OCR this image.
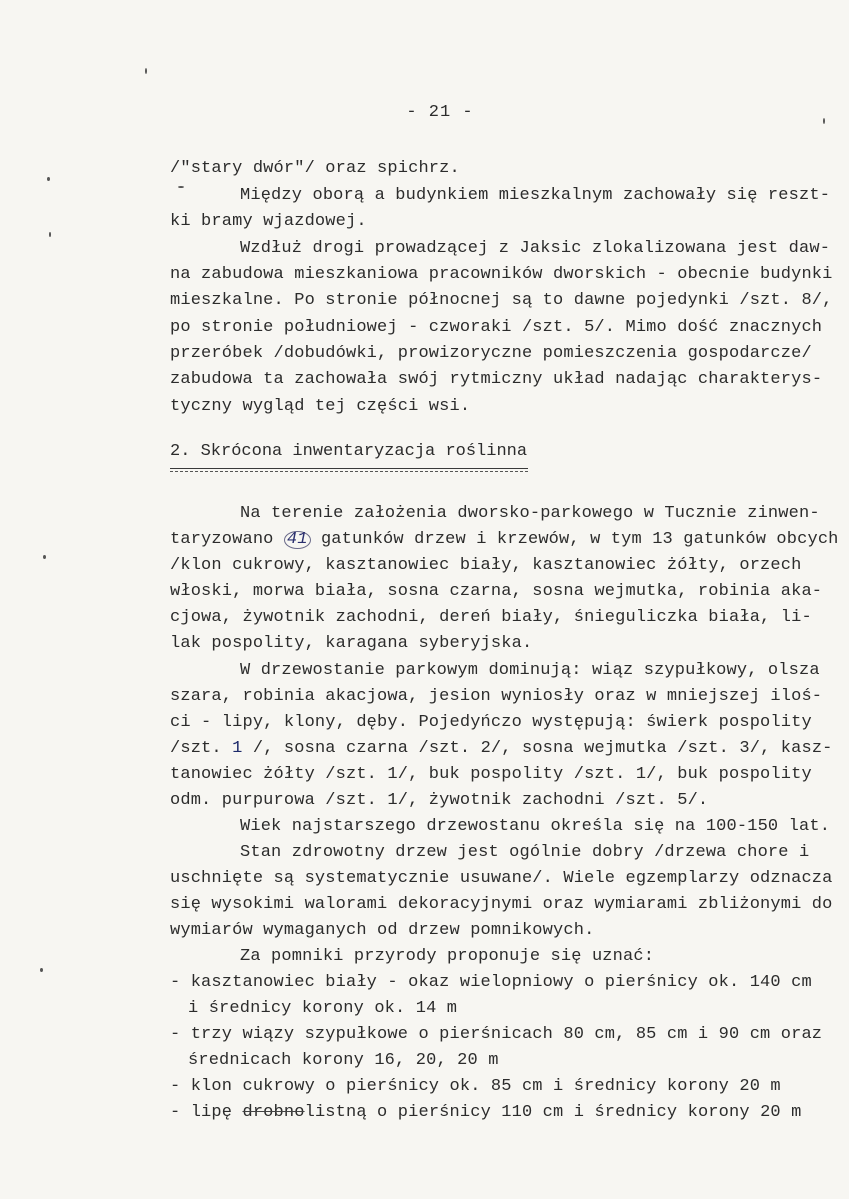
- 21 -
/"stary dwór"/ oraz spichrz.
Między oborą a budynkiem mieszkalnym zachowały się reszt-
ki bramy wjazdowej.
Wzdłuż drogi prowadzącej z Jaksic zlokalizowana jest daw-
na zabudowa mieszkaniowa pracowników dworskich - obecnie budynki
mieszkalne. Po stronie północnej są to dawne pojedynki /szt. 8/,
po stronie południowej - czworaki /szt. 5/. Mimo dość znacznych
przeróbek /dobudówki, prowizoryczne pomieszczenia gospodarcze/
zabudowa ta zachowała swój rytmiczny układ nadając charakterys-
tyczny wygląd tej części wsi.
2. Skrócona inwentaryzacja roślinna
Na terenie założenia dworsko-parkowego w Tucznie zinwen-
taryzowano 41 gatunków drzew i krzewów, w tym 13 gatunków obcych
/klon cukrowy, kasztanowiec biały, kasztanowiec żółty, orzech
włoski, morwa biała, sosna czarna, sosna wejmutka, robinia aka-
cjowa, żywotnik zachodni, dereń biały, śnieguliczka biała, li-
lak pospolity, karagana syberyjska.
W drzewostanie parkowym dominują: wiąz szypułkowy, olsza
szara, robinia akacjowa, jesion wyniosły oraz w mniejszej iloś-
ci - lipy, klony, dęby. Pojedyńczo występują: świerk pospolity
/szt. 1 /, sosna czarna /szt. 2/, sosna wejmutka /szt. 3/, kasz-
tanowiec żółty /szt. 1/, buk pospolity /szt. 1/, buk pospolity
odm. purpurowa /szt. 1/, żywotnik zachodni /szt. 5/.
Wiek najstarszego drzewostanu określa się na 100-150 lat.
Stan zdrowotny drzew jest ogólnie dobry /drzewa chore i
uschnięte są systematycznie usuwane/. Wiele egzemplarzy odznacza
się wysokimi walorami dekoracyjnymi oraz wymiarami zbliżonymi do
wymiarów wymaganych od drzew pomnikowych.
Za pomniki przyrody proponuje się uznać:
- kasztanowiec biały - okaz wielopniowy o pierśnicy ok. 140 cm
i średnicy korony ok. 14 m
- trzy wiązy szypułkowe o pierśnicach 80 cm, 85 cm i 90 cm oraz
średnicach korony 16, 20, 20 m
- klon cukrowy o pierśnicy ok. 85 cm i średnicy korony 20 m
- lipę drobnolistną o pierśnicy 110 cm i średnicy korony 20 m
